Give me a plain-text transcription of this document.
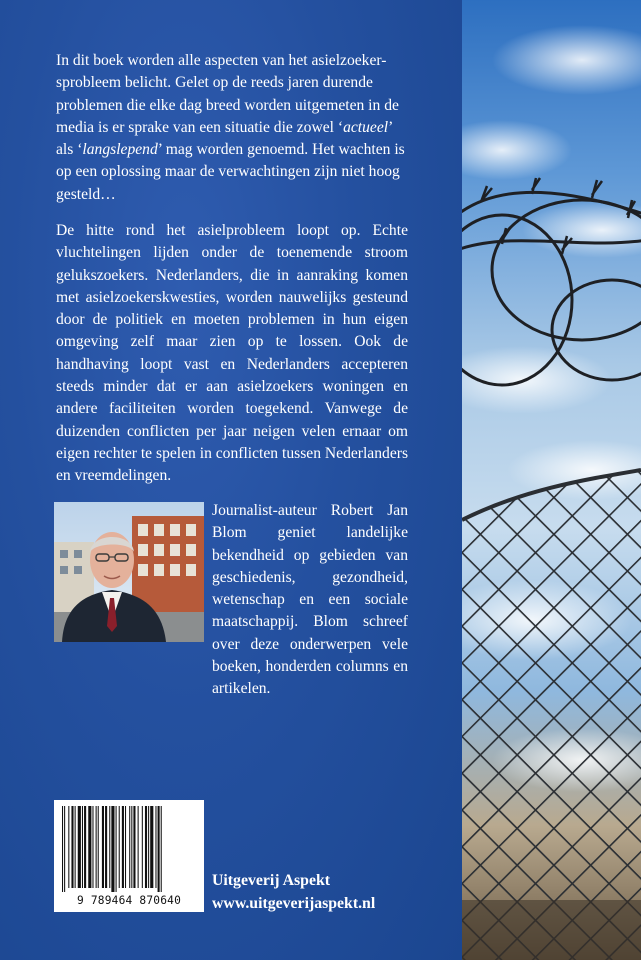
In dit boek worden alle aspecten van het asielzoeker-sprobleem belicht. Gelet op de reeds jaren durende problemen die elke dag breed worden uitgemeten in de media is er sprake van een situatie die zowel ‘actueel’ als ‘langslepend’ mag worden genoemd. Het wachten is op een oplossing maar de verwachtingen zijn niet hoog gesteld…
De hitte rond het asielprobleem loopt op. Echte vluchtelingen lijden onder de toenemende stroom gelukszoekers. Nederlanders, die in aanraking komen met asielzoekerskwesties, worden nauwelijks gesteund door de politiek en moeten problemen in hun eigen omgeving zelf maar zien op te lossen. Ook de handhaving loopt vast en Nederlanders accepteren steeds minder dat er aan asielzoekers woningen en andere faciliteiten worden toegekend. Vanwege de duizenden conflicten per jaar neigen velen ernaar om eigen rechter te spelen in conflicten tussen Nederlanders en vreemdelingen.
Journalist-auteur Robert Jan Blom geniet landelijke bekendheid op gebieden van geschiedenis, gezondheid, wetenschap en een sociale maatschappij. Blom schreef over deze onderwerpen vele boeken, honderden columns en artikelen.
9 789464 870640
Uitgeverij Aspekt
www.uitgeverijaspekt.nl
